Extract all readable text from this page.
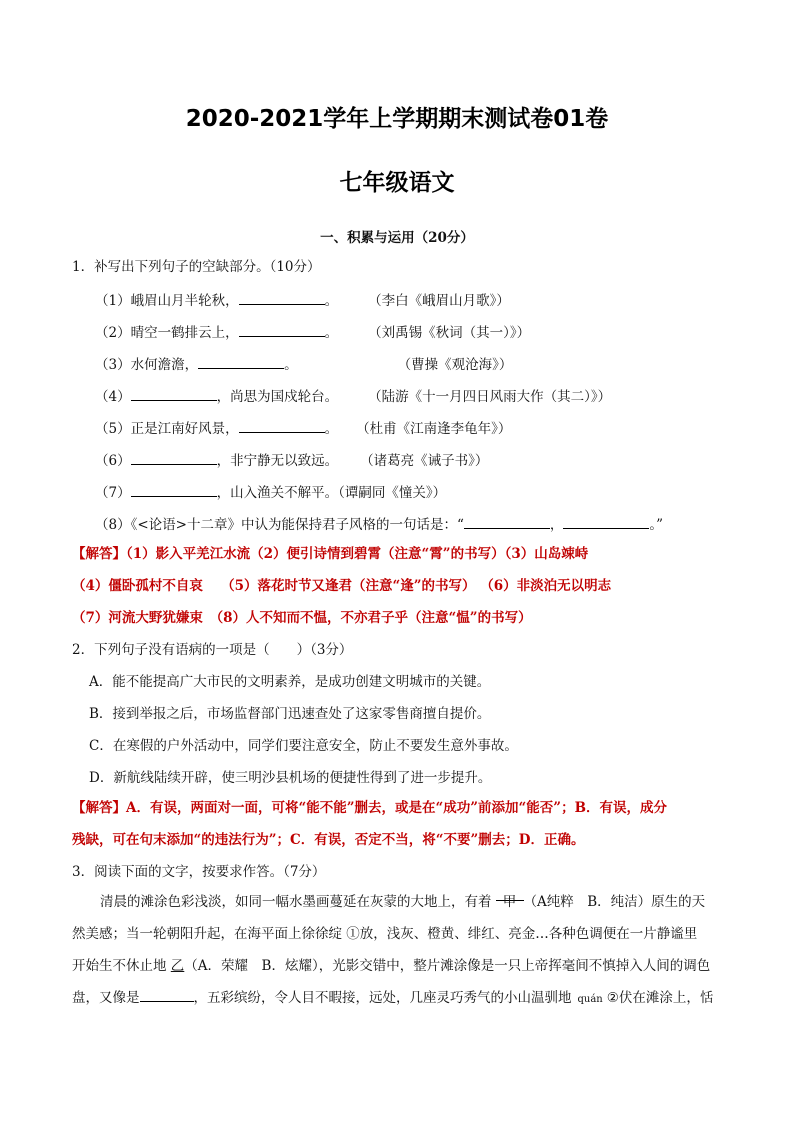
2020-2021学年上学期期末测试卷01卷
七年级语文
一、积累与运用（20分）
1．补写出下列句子的空缺部分。（10分）
（1）峨眉山月半轮秋，	。 （李白《峨眉山月歌》）
（2）晴空一鹤排云上，	。 （刘禹锡《秋词（其一）》）
（3）水何澹澹，	。	（曹操《观沧海》）
（4）	，尚思为国戍轮台。 （陆游《十一月四日风雨大作（其二）》）
（5）正是江南好风景，	。 （杜甫《江南逢李龟年》）
（6）	，非宁静无以致远。 （诸葛亮《诫子书》）
（7）	，山入渔关不解平。（谭嗣同《憧关》）
（8）《<论语>十二章》中认为能保持君子风格的一句话是：“	，	。”
【解答】（1）影入平羌江水流（2）便引诗情到碧霄（注意“霄”的书写）（3）山岛竦峙
（4）僵卧孤村不自哀　 （5）落花时节又逢君（注意“逢”的书写） （6）非淡泊无以明志
（7）河流大野犹嫌束　（8）人不知而不愠，不亦君子乎（注意“愠”的书写）
2．下列句子没有语病的一项是（　　）（3分）
A．能不能提高广大市民的文明素养，是成功创建文明城市的关键。
B．接到举报之后，市场监督部门迅速查处了这家零售商擅自提价。
C．在寒假的户外活动中，同学们要注意安全，防止不要发生意外事故。
D．新航线陆续开辟，使三明沙县机场的便捷性得到了进一步提升。
【解答】A．有误，两面对一面，可将“能不能”删去，或是在“成功”前添加“能否”；B．有误，成分
残缺，可在句末添加“的违法行为”；C．有误，否定不当，将“不要”删去；D．正确。
3．阅读下面的文字，按要求作答。（7分）

清晨的滩涂色彩浅淡，如同一幅水墨画蔓延在灰蒙的大地上，有着 甲 （A纯粹　B．纯洁）原生的天

然美感；当一轮朝阳升起，在海平面上徐徐绽 ①放，浅灰、橙黄、绯红、亮金…各种色调便在一片静谧里

开始生不休止地 乙（A．荣耀　B．炫耀），光影交错中，整片滩涂像是一只上帝挥毫间不慎掉入人间的调色

盘，又像是	，五彩缤纷，令人目不暇接，远处，几座灵巧秀气的小山温驯地 quán ②伏在滩涂上，恬
